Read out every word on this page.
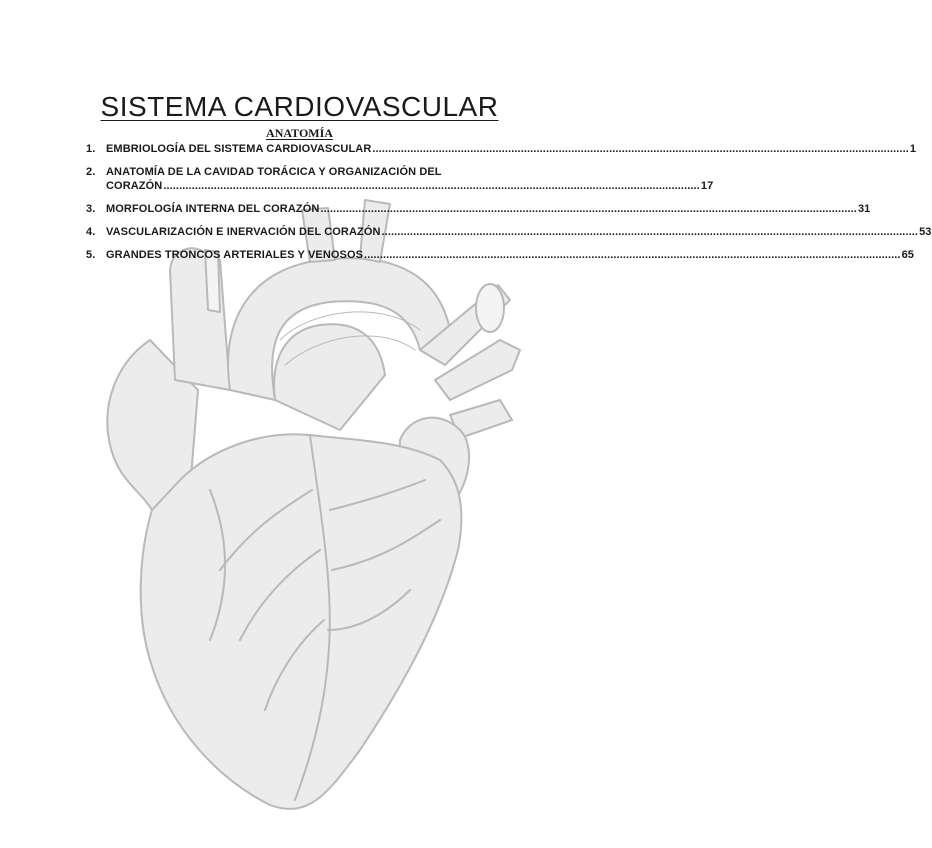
SISTEMA CARDIOVASCULAR
ANATOMÍA
1. EMBRIOLOGÍA DEL SISTEMA CARDIOVASCULAR .......................................................................................................................................................................... 1
2. ANATOMÍA DE LA CAVIDAD TORÁCICA Y ORGANIZACIÓN DEL
CORAZÓN .......................................................................................................................................................................... 17
3. MORFOLOGÍA INTERNA DEL CORAZÓN .......................................................................................................................................................................... 31
4. VASCULARIZACIÓN E INERVACIÓN DEL CORAZÓN .......................................................................................................................................................................... 53
5. GRANDES TRONCOS ARTERIALES Y VENOSOS .......................................................................................................................................................................... 65
